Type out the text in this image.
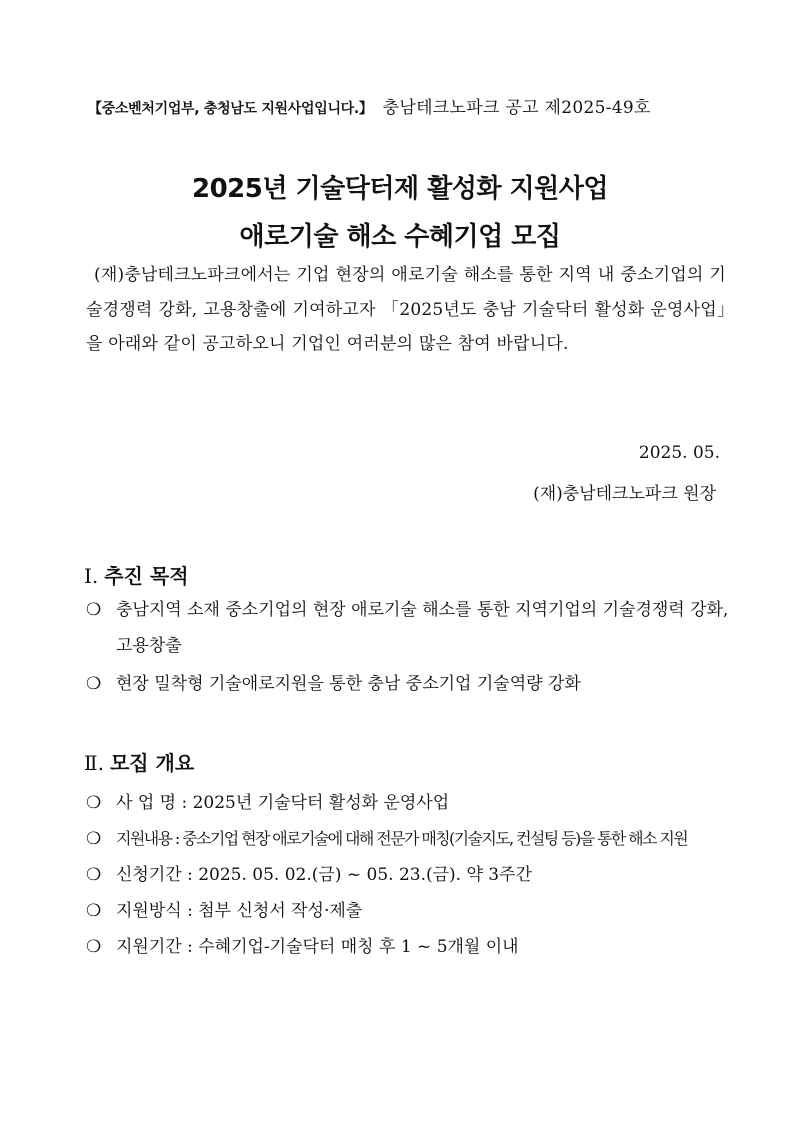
【중소벤처기업부, 충청남도 지원사업입니다.】 충남테크노파크 공고 제2025-49호
2025년 기술닥터제 활성화 지원사업
애로기술 해소 수혜기업 모집
(재)충남테크노파크에서는 기업 현장의 애로기술 해소를 통한 지역 내 중소기업의 기술경쟁력 강화, 고용창출에 기여하고자 「2025년도 충남 기술닥터 활성화 운영사업」을 아래와 같이 공고하오니 기업인 여러분의 많은 참여 바랍니다.
2025. 05.
(재)충남테크노파크 원장
Ⅰ. 추진 목적
❍ 충남지역 소재 중소기업의 현장 애로기술 해소를 통한 지역기업의 기술경쟁력 강화, 고용창출
❍ 현장 밀착형 기술애로지원을 통한 충남 중소기업 기술역량 강화
Ⅱ. 모집 개요
❍ 사 업 명 : 2025년 기술닥터 활성화 운영사업
❍ 지원내용 : 중소기업 현장 애로기술에 대해 전문가 매칭(기술지도, 컨설팅 등)을 통한 해소 지원
❍ 신청기간 : 2025. 05. 02.(금) ~ 05. 23.(금). 약 3주간
❍ 지원방식 : 첨부 신청서 작성·제출
❍ 지원기간 : 수혜기업-기술닥터 매칭 후 1 ~ 5개월 이내
